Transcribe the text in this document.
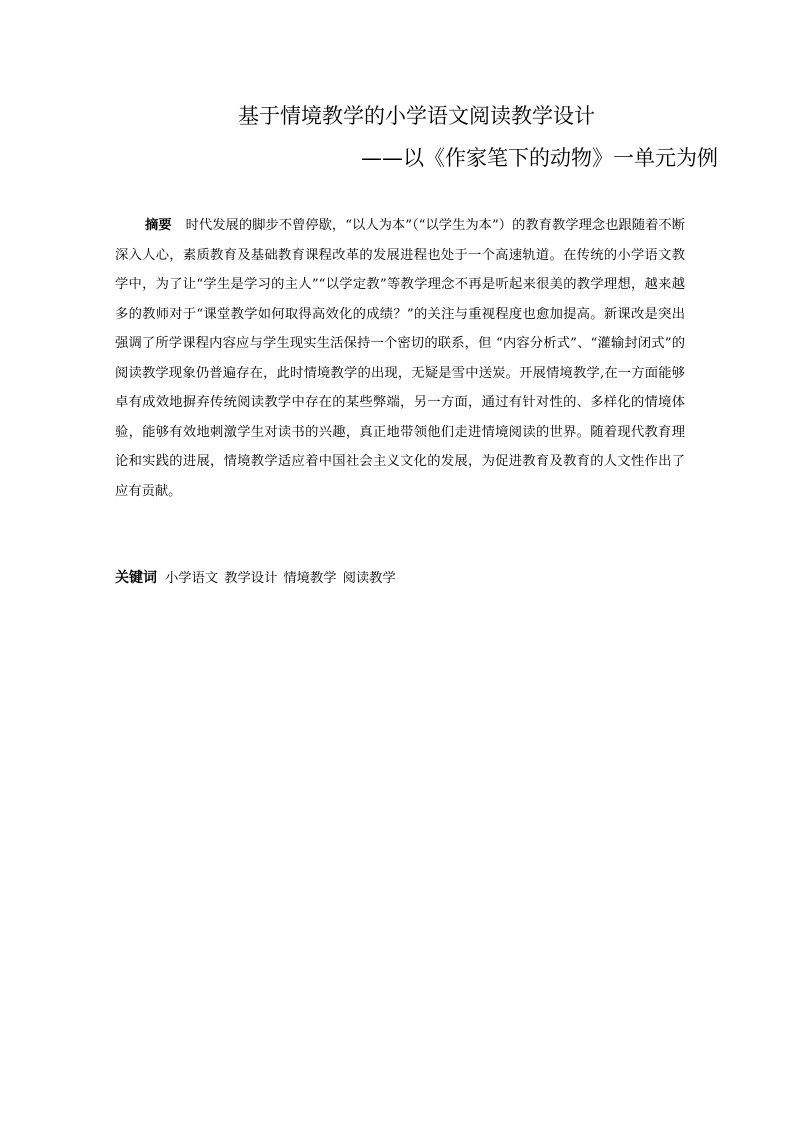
基于情境教学的小学语文阅读教学设计
——以《作家笔下的动物》一单元为例

摘要 时代发展的脚步不曾停歇，“以人为本”（“以学生为本”）的教育教学理念也跟随着不断深入人心，素质教育及基础教育课程改革的发展进程也处于一个高速轨道。在传统的小学语文教学中，为了让“学生是学习的主人”“以学定教”等教学理念不再是听起来很美的教学理想，越来越多的教师对于“课堂教学如何取得高效化的成绩？”的关注与重视程度也愈加提高。新课改是突出强调了所学课程内容应与学生现实生活保持一个密切的联系，但 “内容分析式”、“灌输封闭式”的阅读教学现象仍普遍存在，此时情境教学的出现，无疑是雪中送炭。开展情境教学,在一方面能够卓有成效地摒弃传统阅读教学中存在的某些弊端，另一方面，通过有针对性的、多样化的情境体验，能够有效地刺激学生对读书的兴趣，真正地带领他们走进情境阅读的世界。随着现代教育理论和实践的进展，情境教学适应着中国社会主义文化的发展，为促进教育及教育的人文性作出了应有贡献。

关键词 小学语文 教学设计 情境教学 阅读教学
